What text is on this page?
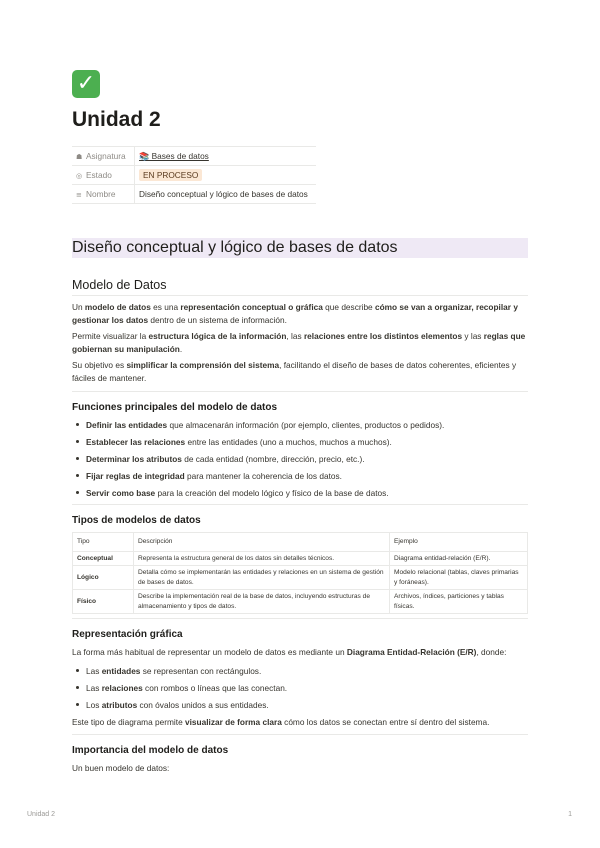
✓
Unidad 2
☗ Asignatura	📚 Bases de datos
◎ Estado	EN PROCESO
≡ Nombre	Diseño conceptual y lógico de bases de datos
Diseño conceptual y lógico de bases de datos
Modelo de Datos

Un modelo de datos es una representación conceptual o gráfica que describe cómo se van a organizar, recopilar y gestionar los datos dentro de un sistema de información.

Permite visualizar la estructura lógica de la información, las relaciones entre los distintos elementos y las reglas que gobiernan su manipulación.

Su objetivo es simplificar la comprensión del sistema, facilitando el diseño de bases de datos coherentes, eficientes y fáciles de mantener.

Funciones principales del modelo de datos
Definir las entidades que almacenarán información (por ejemplo, clientes, productos o pedidos).
Establecer las relaciones entre las entidades (uno a muchos, muchos a muchos).
Determinar los atributos de cada entidad (nombre, dirección, precio, etc.).
Fijar reglas de integridad para mantener la coherencia de los datos.
Servir como base para la creación del modelo lógico y físico de la base de datos.
Tipos de modelos de datos
Tipo	Descripción	Ejemplo
Conceptual	Representa la estructura general de los datos sin detalles técnicos.	Diagrama entidad-relación (E/R).
Lógico	Detalla cómo se implementarán las entidades y relaciones en un sistema de gestión de bases de datos.	Modelo relacional (tablas, claves primarias y foráneas).
Físico	Describe la implementación real de la base de datos, incluyendo estructuras de almacenamiento y tipos de datos.	Archivos, índices, particiones y tablas físicas.
Representación gráfica

La forma más habitual de representar un modelo de datos es mediante un Diagrama Entidad-Relación (E/R), donde:

Las entidades se representan con rectángulos.
Las relaciones con rombos o líneas que las conectan.
Los atributos con óvalos unidos a sus entidades.

Este tipo de diagrama permite visualizar de forma clara cómo los datos se conectan entre sí dentro del sistema.

Importancia del modelo de datos

Un buen modelo de datos:

Unidad 2	1
